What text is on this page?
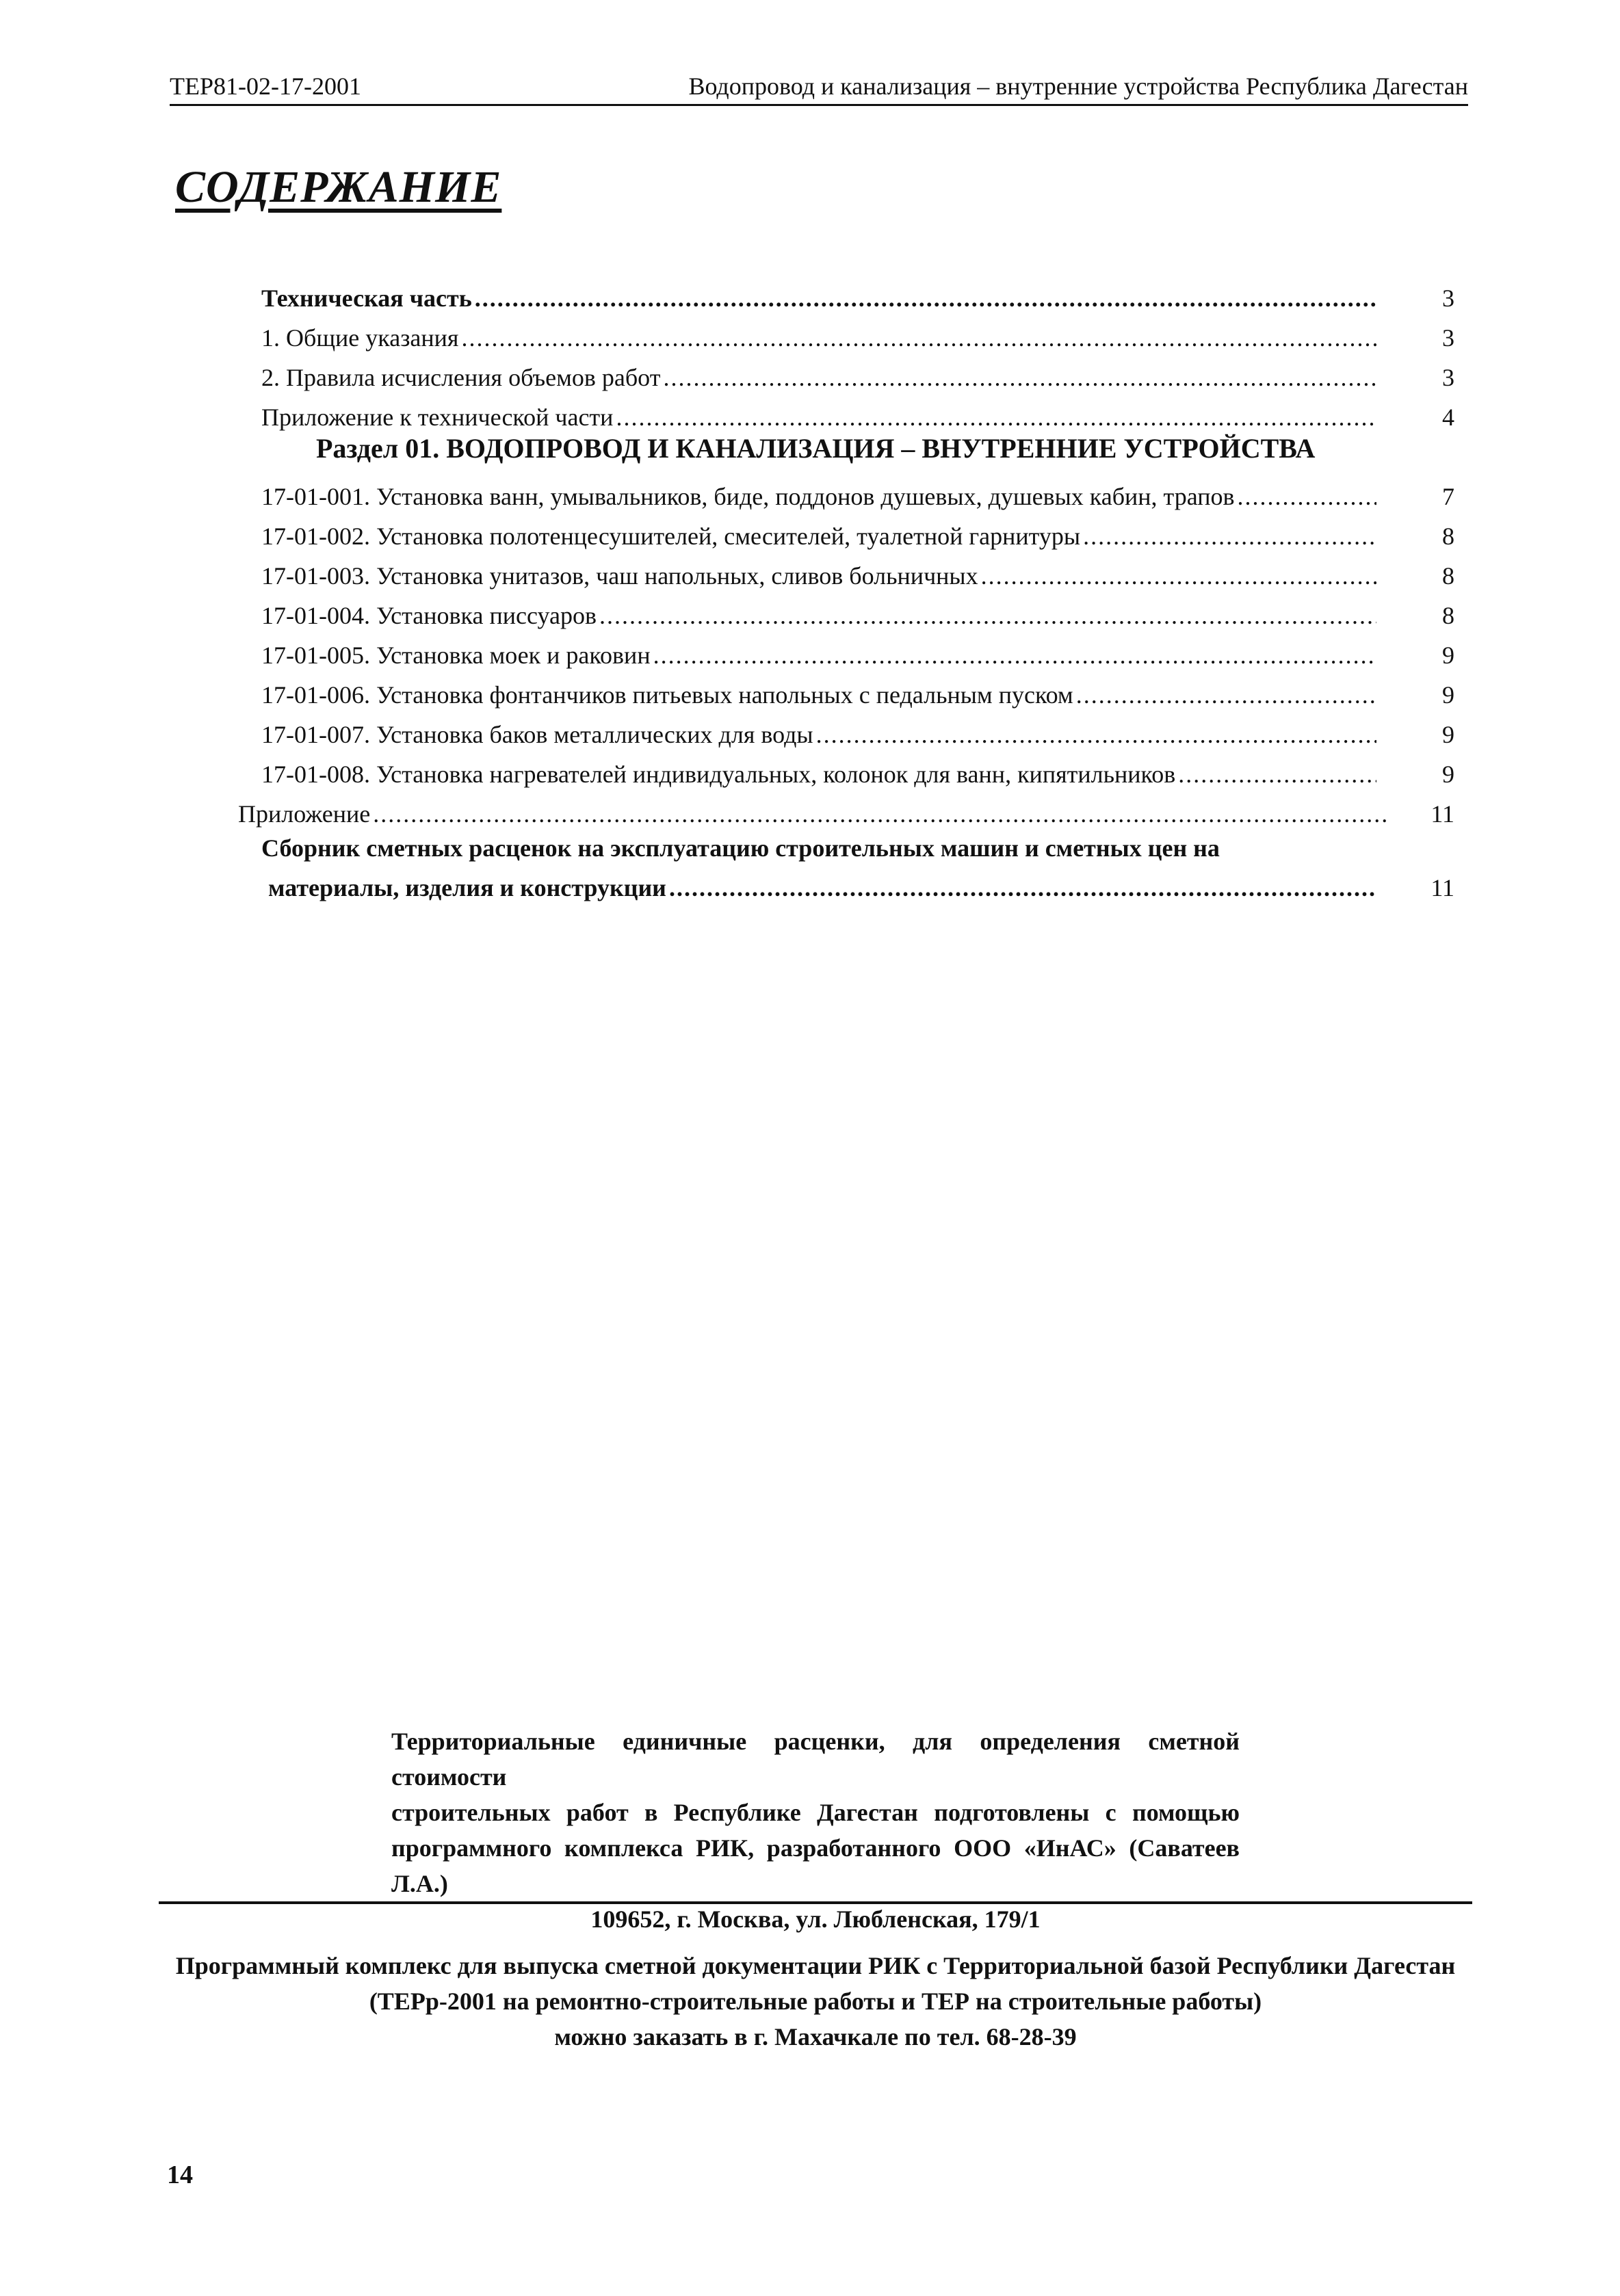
ТЕР81-02-17-2001	Водопровод и канализация – внутренние устройства Республика Дагестан
СОДЕРЖАНИЕ
Техническая часть .....	3
1. Общие указания .....	3
2. Правила исчисления объемов работ .....	3
Приложение к технической части .....	4
Раздел 01. ВОДОПРОВОД И КАНАЛИЗАЦИЯ – ВНУТРЕННИЕ УСТРОЙСТВА
17-01-001. Установка ванн, умывальников, биде, поддонов душевых, душевых кабин, трапов .....	7
17-01-002. Установка полотенцесушителей, смесителей, туалетной гарнитуры .....	8
17-01-003. Установка унитазов, чаш напольных, сливов больничных .....	8
17-01-004. Установка писсуаров .....	8
17-01-005. Установка моек и раковин .....	9
17-01-006. Установка фонтанчиков питьевых напольных с педальным пуском .....	9
17-01-007. Установка баков металлических для воды .....	9
17-01-008. Установка нагревателей индивидуальных, колонок для ванн, кипятильников .....	9
Приложение .....	11
Сборник сметных расценок на эксплуатацию строительных машин и сметных цен на
материалы, изделия и конструкции .....	11
Территориальные единичные расценки, для определения сметной стоимости
строительных работ в Республике Дагестан подготовлены с помощью
программного комплекса РИК, разработанного ООО «ИнАС» (Саватеев Л.А.)
109652, г. Москва, ул. Любленская, 179/1
Программный комплекс для выпуска сметной документации РИК с Территориальной базой Республики Дагестан
(ТЕРр-2001 на ремонтно-строительные работы и ТЕР на строительные работы)
можно заказать в г. Махачкале по тел. 68-28-39
14
